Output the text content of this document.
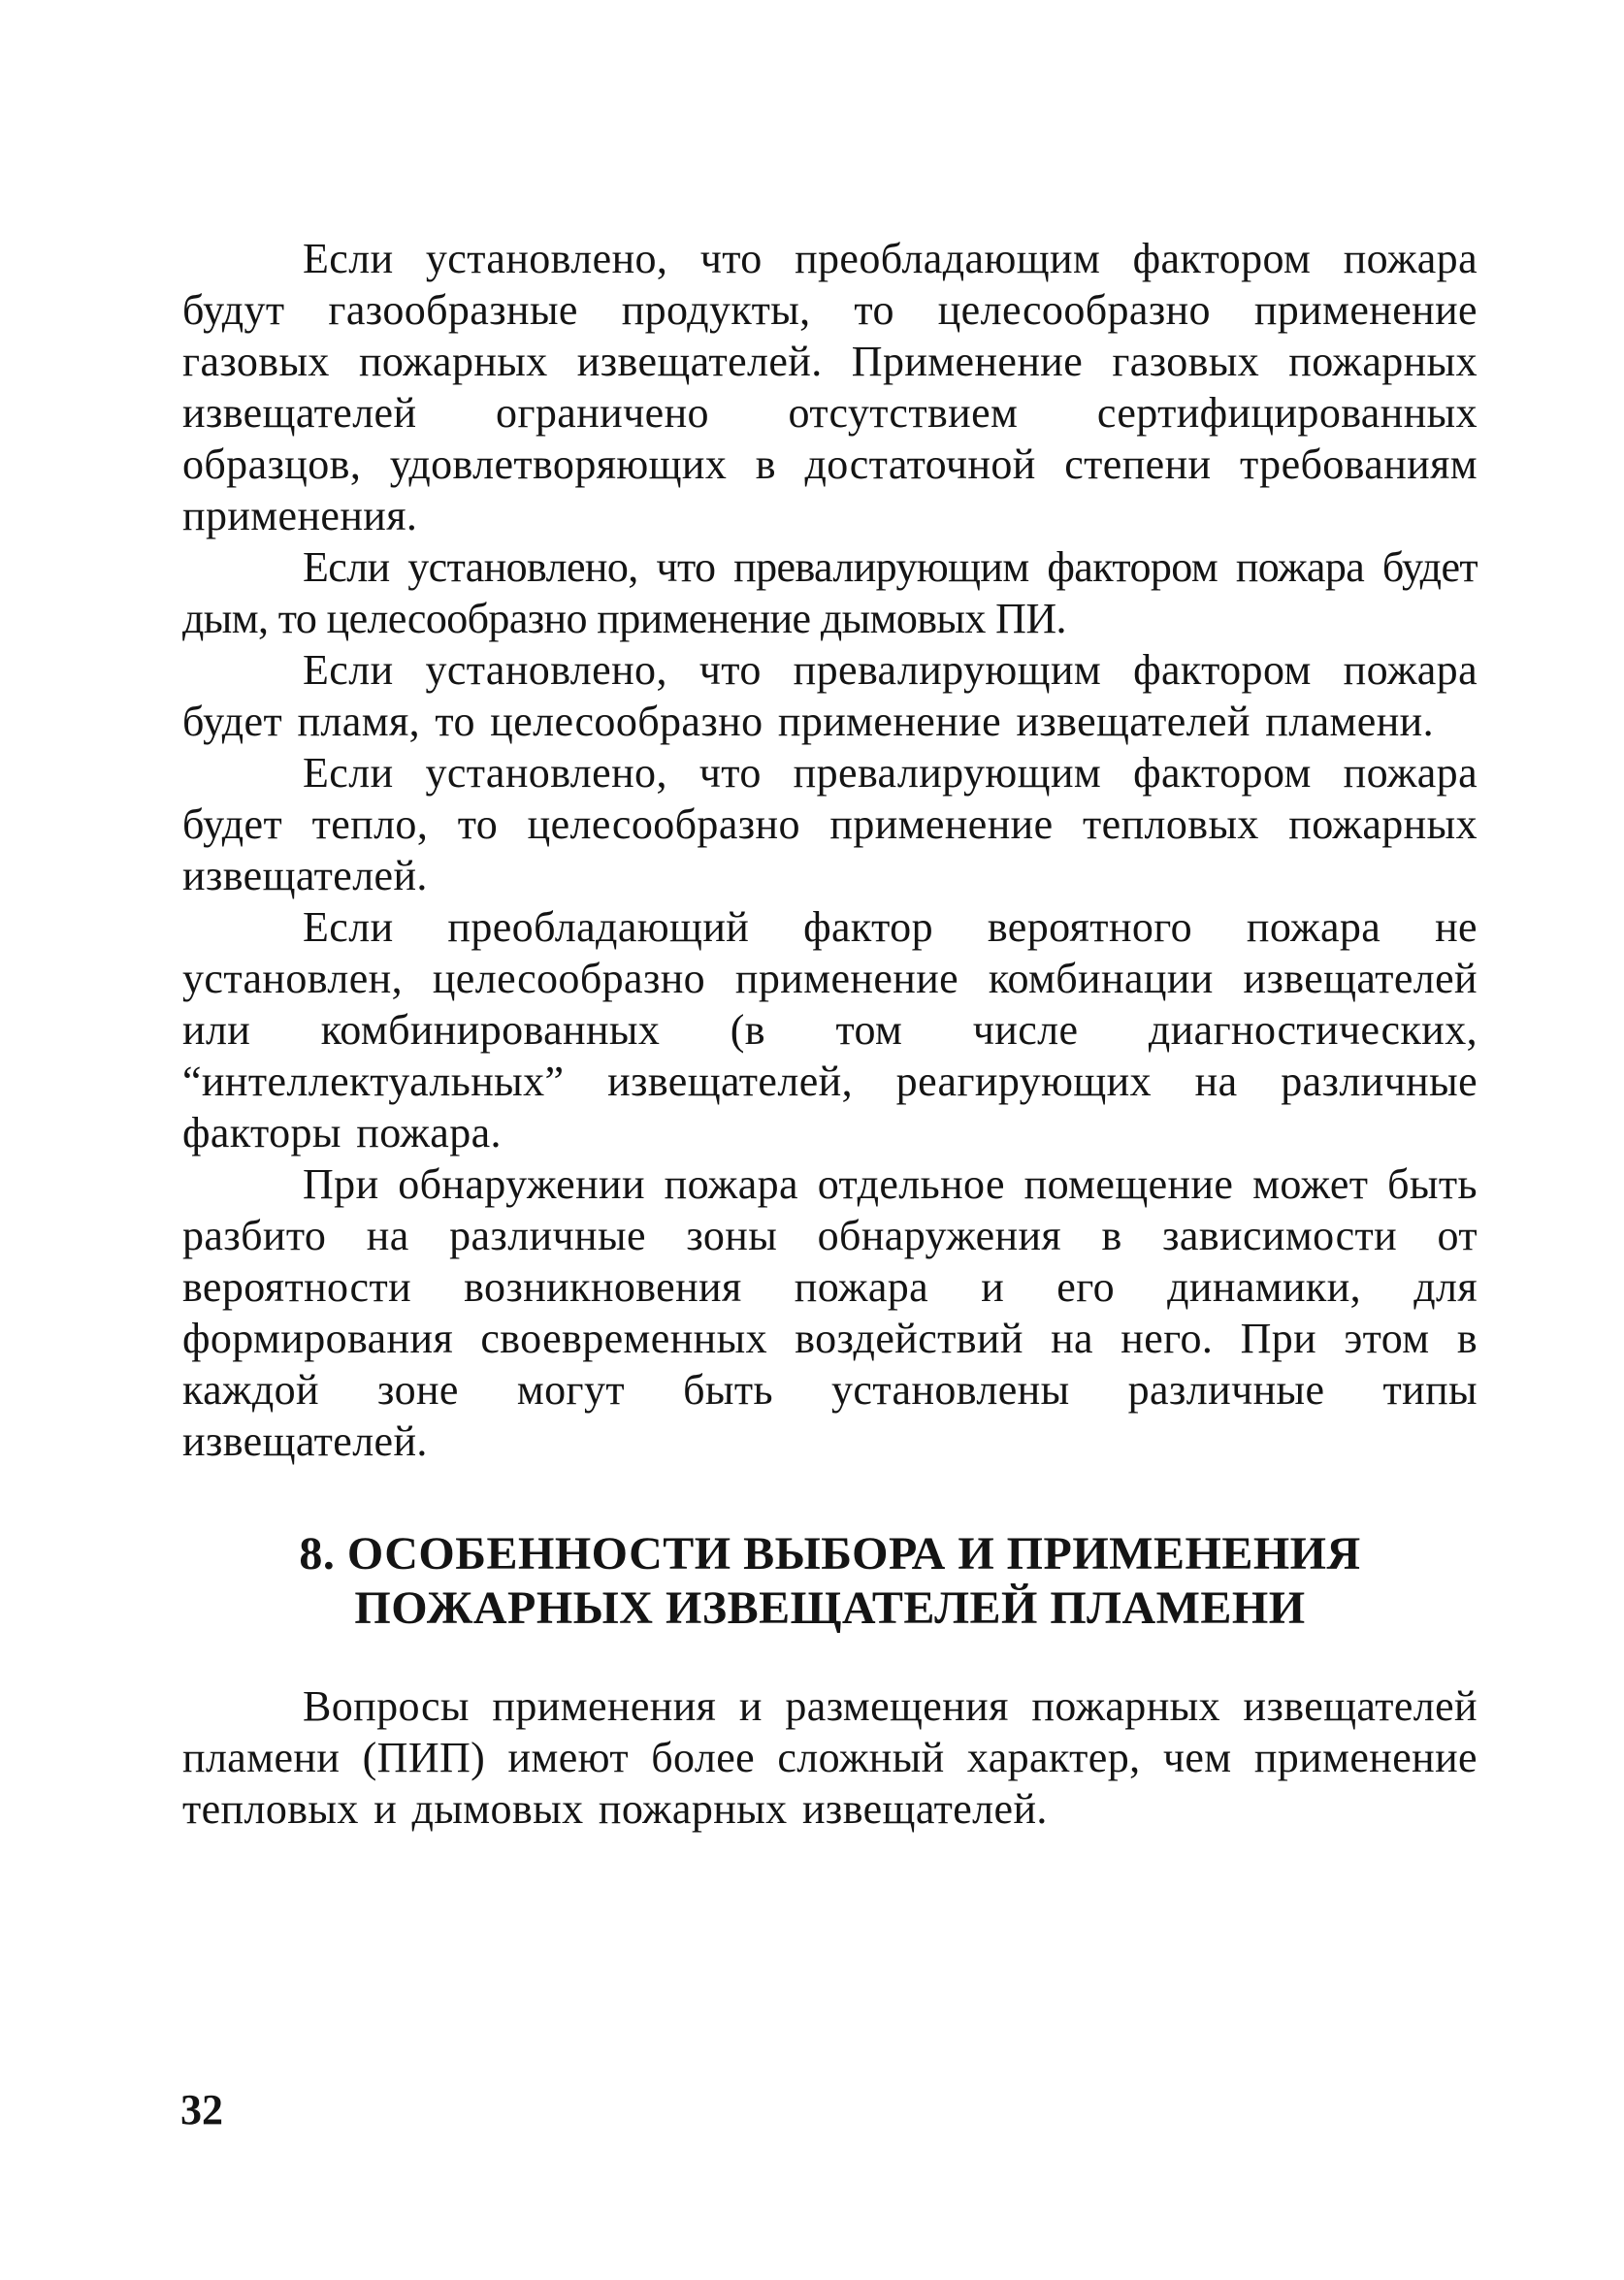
Если установлено, что преобладающим фактором пожара будут газообразные продукты, то целесообразно применение газовых пожарных извещателей. Применение газовых пожарных извещателей ограничено отсутствием сертифицированных образцов, удовлетворяющих в достаточной степени требованиям применения.

Если установлено, что превалирующим фактором пожара будет дым, то целесообразно применение дымовых ПИ.

Если установлено, что превалирующим фактором пожара будет пламя, то целесообразно применение извещателей пламени.

Если установлено, что превалирующим фактором пожара будет тепло, то целесообразно применение тепловых пожарных извещателей.

Если преобладающий фактор вероятного пожара не установлен, целесообразно применение комбинации извещателей или комбинированных (в том числе диагностических, “интеллектуальных” извещателей, реагирующих на различные факторы пожара.

При обнаружении пожара отдельное помещение может быть разбито на различные зоны обнаружения в зависимости от вероятности возникновения пожара и его динамики, для формирования своевременных воздействий на него. При этом в каждой зоне могут быть установлены различные типы извещателей.

8. ОСОБЕННОСТИ ВЫБОРА И ПРИМЕНЕНИЯ
ПОЖАРНЫХ ИЗВЕЩАТЕЛЕЙ ПЛАМЕНИ

Вопросы применения и размещения пожарных извещателей пламени (ПИП) имеют более сложный характер, чем применение тепловых и дымовых пожарных извещателей.

32
